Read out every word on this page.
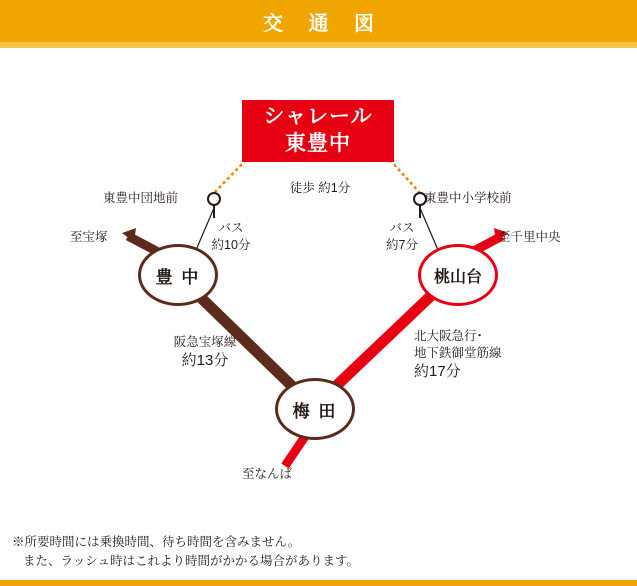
交 通 図
シャレール
東豊中
豊 中	桃山台
梅 田
徒歩 約1分
バス
約10分
バス
約7分
東豊中団地前	東豊中小学校前
至宝塚	至千里中央
阪急宝塚線
約13分
北大阪急行･
地下鉄御堂筋線
約17分
至なんば
※所要時間には乗換時間、待ち時間を含みません。
また、ラッシュ時はこれより時間がかかる場合があります。
